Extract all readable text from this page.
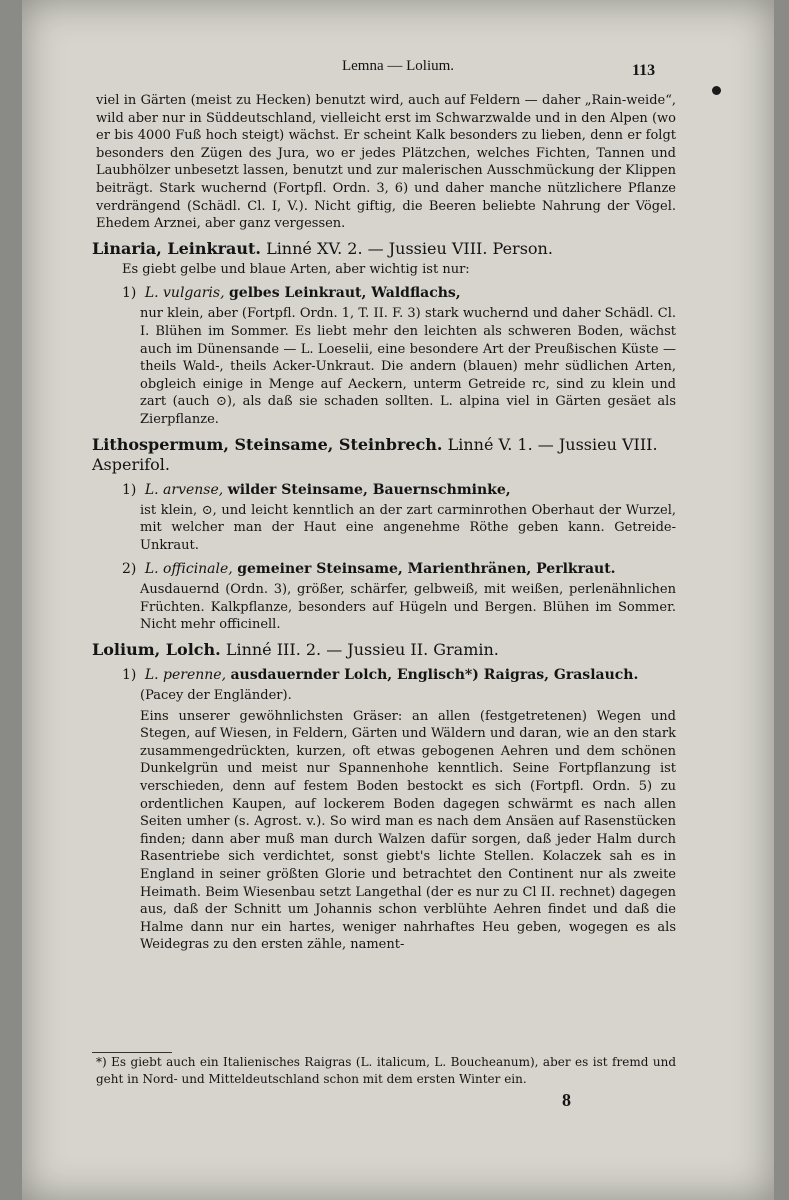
Lemna — Lolium.	113

viel in Gärten (meist zu Hecken) benutzt wird, auch auf Feldern — daher „Rain-weide“, wild aber nur in Süddeutschland, vielleicht erst im Schwarzwalde und in den Alpen (wo er bis 4000 Fuß hoch steigt) wächst. Er scheint Kalk besonders zu lieben, denn er folgt besonders den Zügen des Jura, wo er jedes Plätzchen, welches Fichten, Tannen und Laubhölzer unbesetzt lassen, benutzt und zur malerischen Ausschmückung der Klippen beiträgt. Stark wuchernd (Fortpfl. Ordn. 3, 6) und daher manche nützlichere Pflanze verdrängend (Schädl. Cl. I, V.). Nicht giftig, die Beeren beliebte Nahrung der Vögel. Ehedem Arznei, aber ganz vergessen.

Linaria, Leinkraut. Linné XV. 2. — Jussieu VIII. Person.

Es giebt gelbe und blaue Arten, aber wichtig ist nur:

1) L. vulgaris, gelbes Leinkraut, Waldflachs,

nur klein, aber (Fortpfl. Ordn. 1, T. II. F. 3) stark wuchernd und daher Schädl. Cl. I. Blühen im Sommer. Es liebt mehr den leichten als schweren Boden, wächst auch im Dünensande — L. Loeselii, eine besondere Art der Preußischen Küste — theils Wald-, theils Acker-Unkraut. Die andern (blauen) mehr südlichen Arten, obgleich einige in Menge auf Aeckern, unterm Getreide rc, sind zu klein und zart (auch ⊙), als daß sie schaden sollten. L. alpina viel in Gärten gesäet als Zierpflanze.

Lithospermum, Steinsame, Steinbrech. Linné V. 1. — Jussieu VIII. Asperifol.

1) L. arvense, wilder Steinsame, Bauernschminke,

ist klein, ⊙, und leicht kenntlich an der zart carminrothen Oberhaut der Wurzel, mit welcher man der Haut eine angenehme Röthe geben kann. Getreide-Unkraut.

2) L. officinale, gemeiner Steinsame, Marienthränen, Perlkraut.

Ausdauernd (Ordn. 3), größer, schärfer, gelbweiß, mit weißen, perlenähnlichen Früchten. Kalkpflanze, besonders auf Hügeln und Bergen. Blühen im Sommer. Nicht mehr officinell.

Lolium, Lolch. Linné III. 2. — Jussieu II. Gramin.

1) L. perenne, ausdauernder Lolch, Englisch*) Raigras, Graslauch.

(Pacey der Engländer).

Eins unserer gewöhnlichsten Gräser: an allen (festgetretenen) Wegen und Stegen, auf Wiesen, in Feldern, Gärten und Wäldern und daran, wie an den stark zusammengedrückten, kurzen, oft etwas gebogenen Aehren und dem schönen Dunkelgrün und meist nur Spannenhohe kenntlich. Seine Fortpflanzung ist verschieden, denn auf festem Boden bestockt es sich (Fortpfl. Ordn. 5) zu ordentlichen Kaupen, auf lockerem Boden dagegen schwärmt es nach allen Seiten umher (s. Agrost. v.). So wird man es nach dem Ansäen auf Rasenstücken finden; dann aber muß man durch Walzen dafür sorgen, daß jeder Halm durch Rasentriebe sich verdichtet, sonst giebt's lichte Stellen. Kolaczek sah es in England in seiner größten Glorie und betrachtet den Continent nur als zweite Heimath. Beim Wiesenbau setzt Langethal (der es nur zu Cl II. rechnet) dagegen aus, daß der Schnitt um Johannis schon verblühte Aehren findet und daß die Halme dann nur ein hartes, weniger nahrhaftes Heu geben, wogegen es als Weidegras zu den ersten zähle, nament-

*) Es giebt auch ein Italienisches Raigras (L. italicum, L. Boucheanum), aber es ist fremd und geht in Nord- und Mitteldeutschland schon mit dem ersten Winter ein.
8
